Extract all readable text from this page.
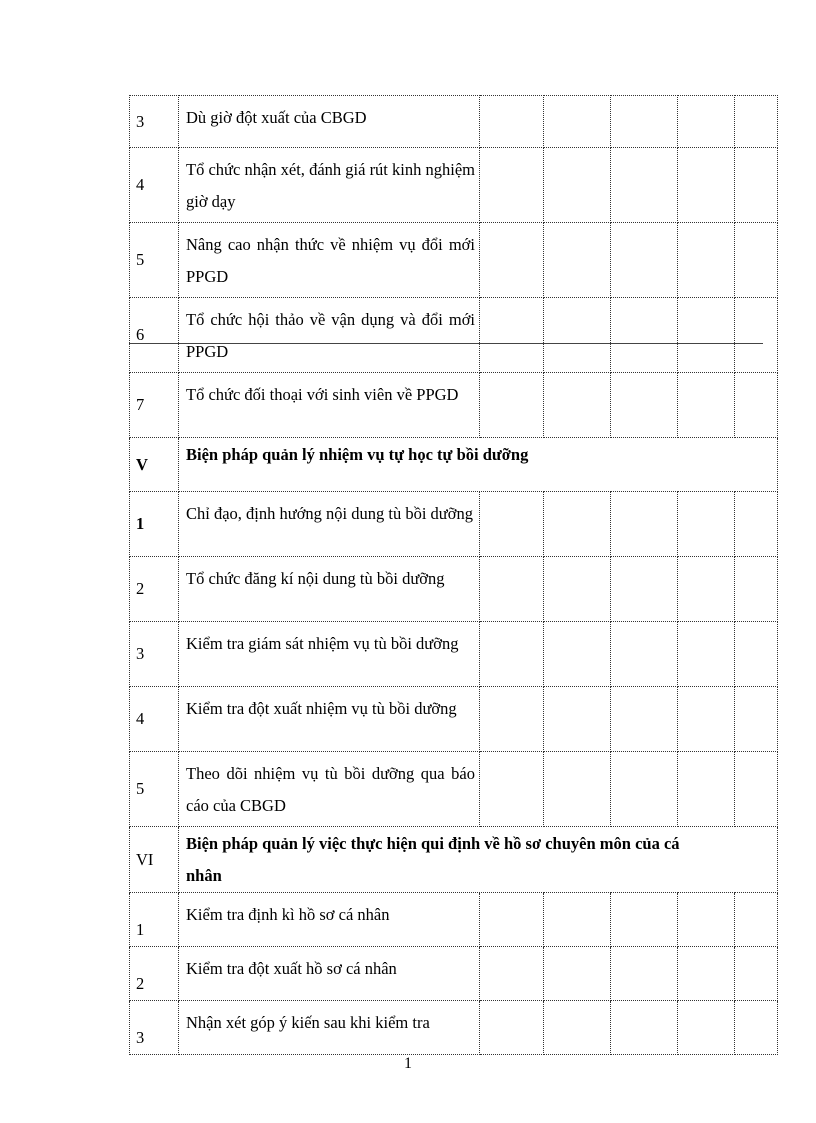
3	Dù giờ đột xuất của CBGD					
4	Tổ chức nhận xét, đánh giá rút kinh nghiệm giờ dạy					
5	Nâng cao nhận thức về nhiệm vụ đổi mới PPGD					
6	Tổ chức hội thảo về vận dụng và đổi mới PPGD					
7	Tổ chức đối thoại với sinh viên về PPGD					
V	Biện pháp quản lý nhiệm vụ tự học tự bồi dưỡng					
1	Chỉ đạo, định hướng nội dung tù bồi dưỡng					
2	Tổ chức đăng kí nội dung tù bồi dưỡng					
3	Kiểm tra giám sát nhiệm vụ tù bồi dưỡng					
4	Kiểm tra đột xuất nhiệm vụ tù bồi dưỡng					
5	Theo dõi nhiệm vụ tù bồi dưỡng qua báo cáo của CBGD					
VI	Biện pháp quản lý việc thực hiện qui định về hồ sơ chuyên môn của cá nhân					
1	Kiểm tra định kì hồ sơ cá nhân					
2	Kiểm tra đột xuất hồ sơ cá nhân					
3	Nhận xét góp ý kiến sau khi kiểm tra					
1
